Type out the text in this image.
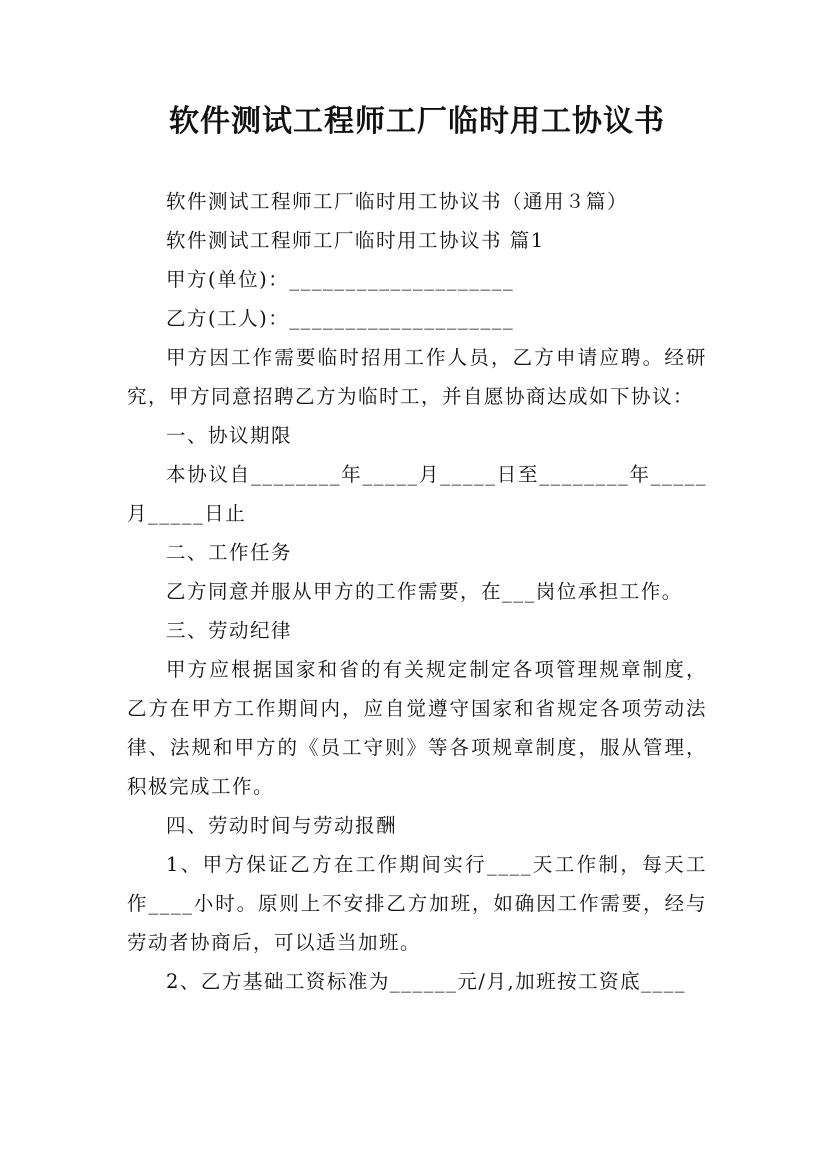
软件测试工程师工厂临时用工协议书

软件测试工程师工厂临时用工协议书（通用３篇）

软件测试工程师工厂临时用工协议书 篇1

甲方(单位)：____________________

乙方(工人)：____________________

甲方因工作需要临时招用工作人员，乙方申请应聘。经研究，甲方同意招聘乙方为临时工，并自愿协商达成如下协议：

一、协议期限

本协议自________年_____月_____日至________年_____月_____日止

二、工作任务

乙方同意并服从甲方的工作需要，在___岗位承担工作。

三、劳动纪律

甲方应根据国家和省的有关规定制定各项管理规章制度，乙方在甲方工作期间内，应自觉遵守国家和省规定各项劳动法律、法规和甲方的《员工守则》等各项规章制度，服从管理，积极完成工作。

四、劳动时间与劳动报酬

1、甲方保证乙方在工作期间实行____天工作制，每天工作____小时。原则上不安排乙方加班，如确因工作需要，经与劳动者协商后，可以适当加班。

2、乙方基础工资标准为______元/月,加班按工资底____
